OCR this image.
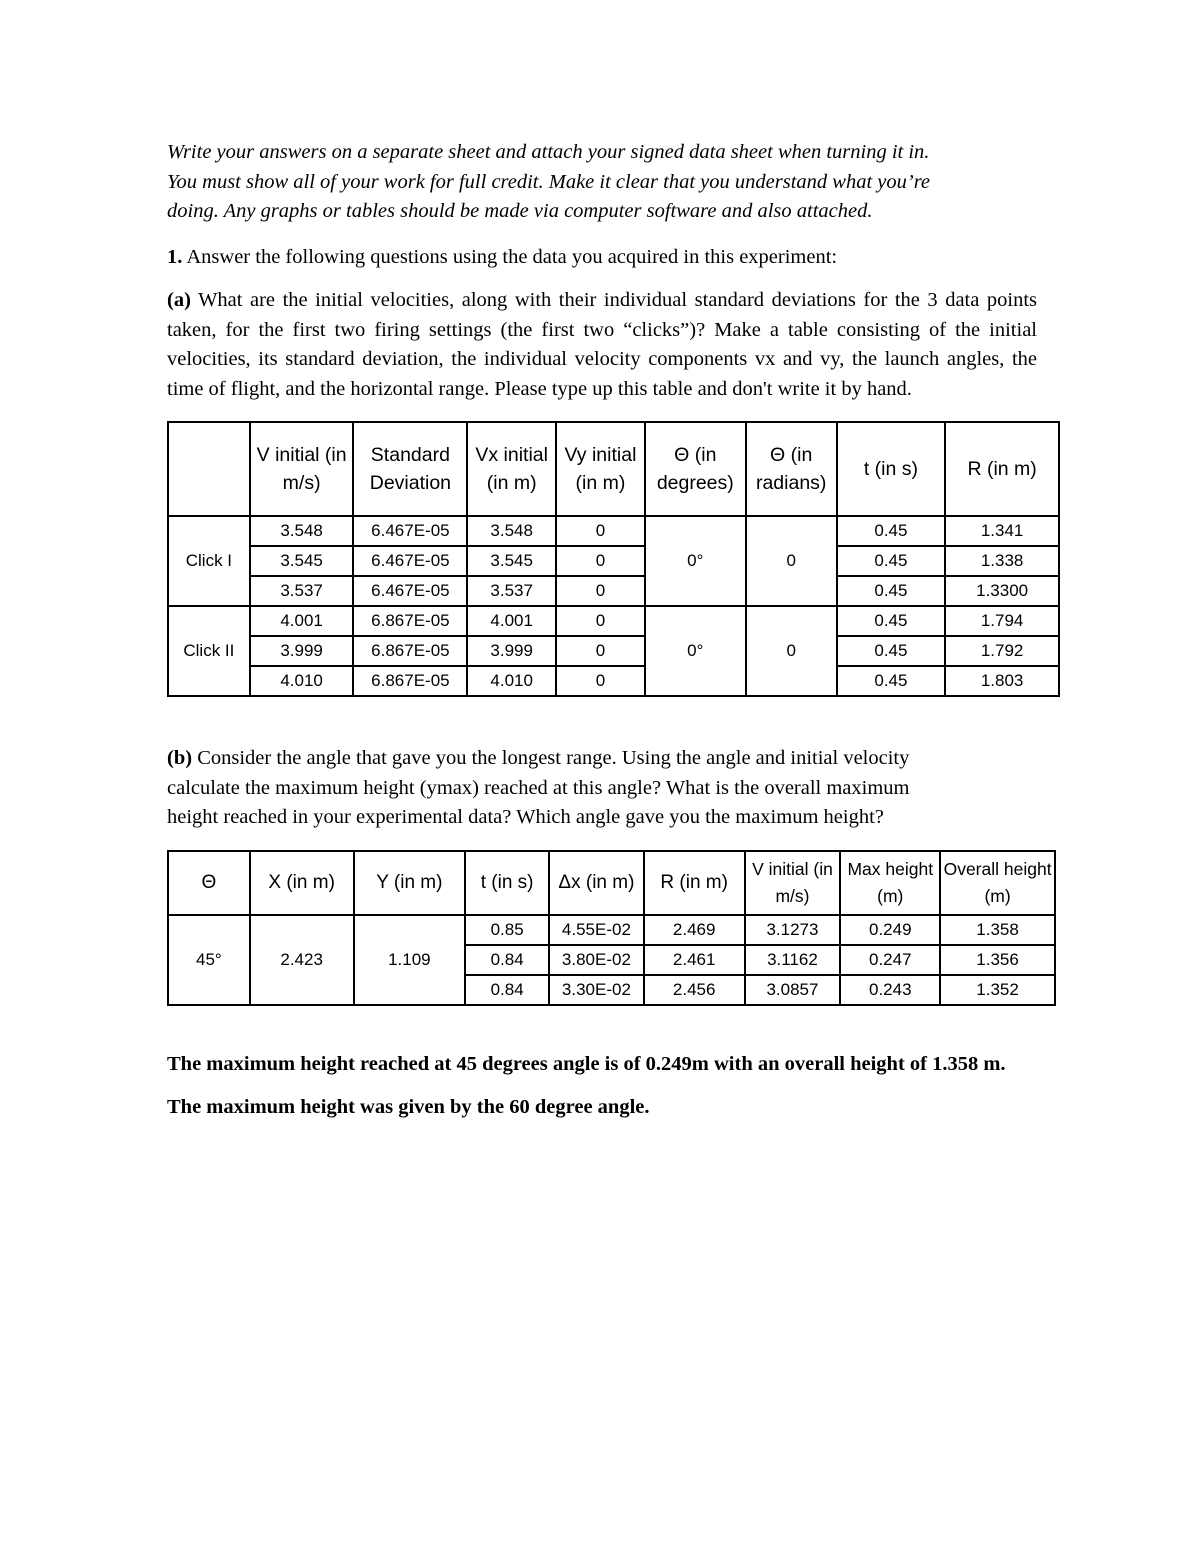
Write your answers on a separate sheet and attach your signed data sheet when turning it in.
You must show all of your work for full credit. Make it clear that you understand what you’re
doing. Any graphs or tables should be made via computer software and also attached.

1. Answer the following questions using the data you acquired in this experiment:

(a) What are the initial velocities, along with their individual standard deviations for the 3 data points taken, for the first two firing settings (the first two “clicks”)? Make a table consisting of the initial velocities, its standard deviation, the individual velocity components vx and vy, the launch angles, the time of flight, and the horizontal range. Please type up this table and don't write it by hand.

	V initial (in m/s)	Standard Deviation	Vx initial (in m)	Vy initial (in m)	Θ (in degrees)	Θ (in radians)	t (in s)	R (in m)
Click I	3.548	6.467E-05	3.548	0	0°	0	0.45	1.341
	3.545	6.467E-05	3.545	0			0.45	1.338
	3.537	6.467E-05	3.537	0			0.45	1.3300
Click II	4.001	6.867E-05	4.001	0	0°	0	0.45	1.794
	3.999	6.867E-05	3.999	0			0.45	1.792
	4.010	6.867E-05	4.010	0			0.45	1.803

(b) Consider the angle that gave you the longest range. Using the angle and initial velocity
calculate the maximum height (ymax) reached at this angle? What is the overall maximum
height reached in your experimental data? Which angle gave you the maximum height?

Θ	X (in m)	Y (in m)	t (in s)	Δx (in m)	R (in m)	V initial (in m/s)	Max height (m)	Overall height (m)
45°	2.423	1.109	0.85	4.55E-02	2.469	3.1273	0.249	1.358
			0.84	3.80E-02	2.461	3.1162	0.247	1.356
			0.84	3.30E-02	2.456	3.0857	0.243	1.352

The maximum height reached at 45 degrees angle is of 0.249m with an overall height of 1.358 m.

The maximum height was given by the 60 degree angle.
